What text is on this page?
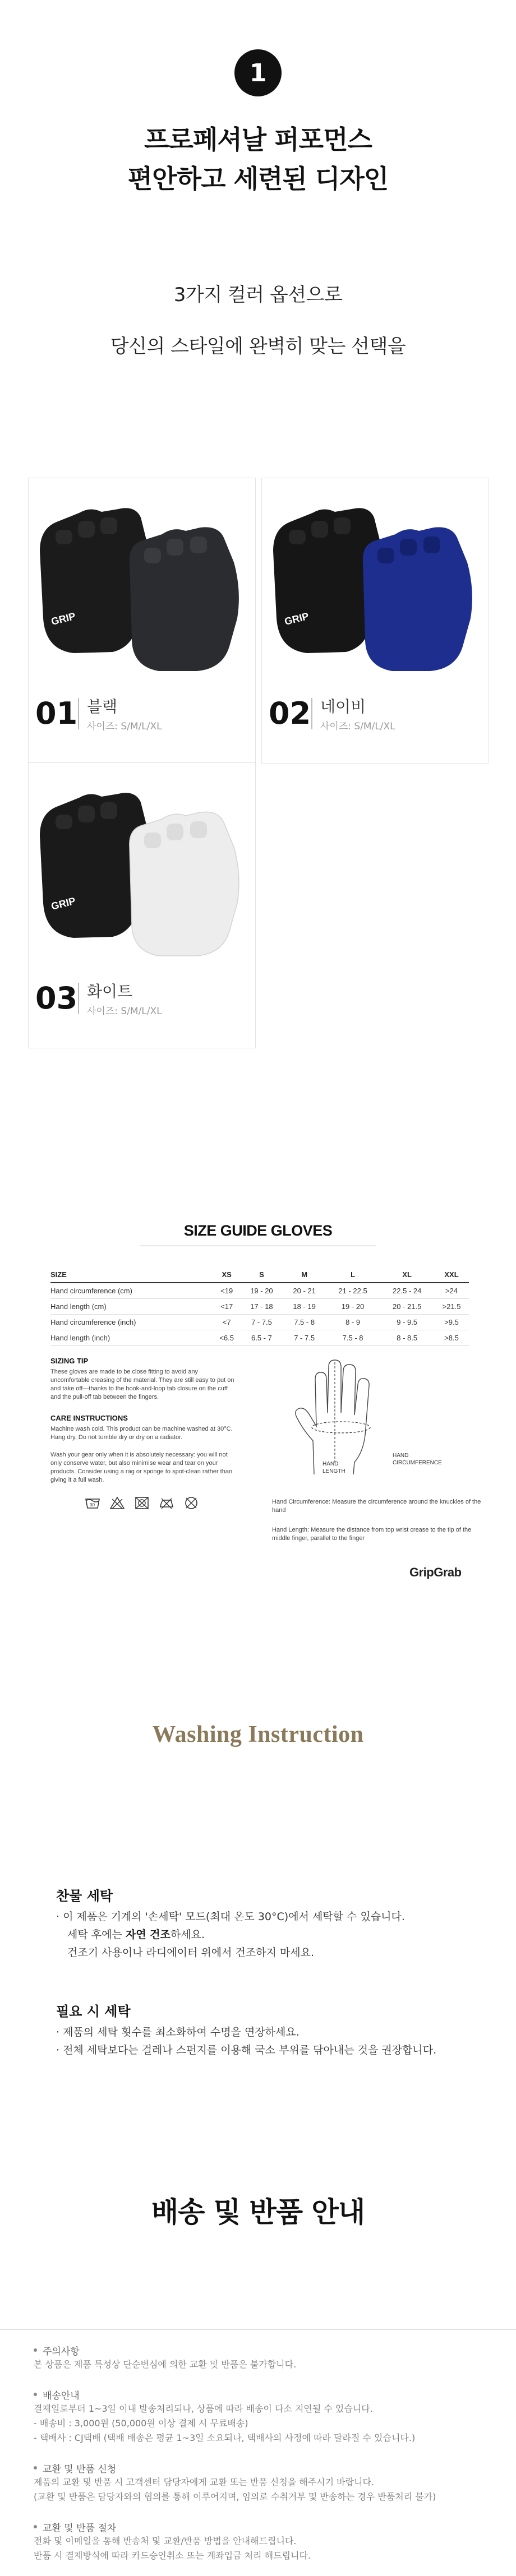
1
프로페셔날 퍼포먼스
편안하고 세련된 디자인
3가지 컬러 옵션으로
당신의 스타일에 완벽히 맞는 선택을
GRIP
01 블랙
사이즈: S/M/L/XL
GRIP
02 네이비
사이즈: S/M/L/XL
GRIP
03 화이트
사이즈: S/M/L/XL
SIZE GUIDE GLOVES
SIZE	XS	S	M	L	XL	XXL
Hand circumference (cm)	<19	19 - 20	20 - 21	21 - 22.5	22.5 - 24	>24
Hand length (cm)	<17	17 - 18	18 - 19	19 - 20	20 - 21.5	>21.5
Hand circumference (inch)	<7	7 - 7.5	7.5 - 8	8 - 9	9 - 9.5	>9.5
Hand length (inch)	<6.5	6.5 - 7	7 - 7.5	7.5 - 8	8 - 8.5	>8.5
SIZING TIP
These gloves are made to be close fitting to avoid any uncomfortable creasing of the material. They are still easy to put on and take off—thanks to the hook-and-loop tab closure on the cuff and the pull-off tab between the fingers.
CARE INSTRUCTIONS
Machine wash cold. This product can be machine washed at 30°C. Hang dry. Do not tumble dry or dry on a radiator.
Wash your gear only when it is absolutely necessary: you will not only conserve water, but also minimise wear and tear on your products. Consider using a rag or sponge to spot-clean rather than giving it a full wash.
30
HAND LENGTH
HAND CIRCUMFERENCE
Hand Circumference: Measure the circumference around the knuckles of the hand
Hand Length: Measure the distance from top wrist crease to the tip of the middle finger, parallel to the finger
GripGrab
Washing Instruction
찬물 세탁
· 이 제품은 기계의 '손세탁' 모드(최대 온도 30°C)에서 세탁할 수 있습니다.
세탁 후에는 자연 건조하세요.
건조기 사용이나 라디에이터 위에서 건조하지 마세요.
필요 시 세탁
· 제품의 세탁 횟수를 최소화하여 수명을 연장하세요.
· 전체 세탁보다는 걸레나 스펀지를 이용해 국소 부위를 닦아내는 것을 권장합니다.
배송 및 반품 안내
주의사항
본 상품은 제품 특성상 단순변심에 의한 교환 및 반품은 불가합니다.
배송안내
결제일로부터 1~3일 이내 발송처리되나, 상품에 따라 배송이 다소 지연될 수 있습니다.
- 배송비 : 3,000원 (50,000원 이상 결제 시 무료배송)
- 택배사 : CJ택배 (택배 배송은 평균 1~3일 소요되나, 택배사의 사정에 따라 달라질 수 있습니다.)
교환 및 반품 신청
제품의 교환 및 반품 시 고객센터 담당자에게 교환 또는 반품 신청을 해주시기 바랍니다.
(교환 및 반품은 담당자와의 협의를 통해 이루어지며, 임의로 수취거부 및 반송하는 경우 반품처리 불가)
교환 및 반품 절차
전화 및 이메일을 통해 반송처 및 교환/반품 방법을 안내해드립니다.
반품 시 결제방식에 따라 카드승인취소 또는 계좌입금 처리 해드립니다.
